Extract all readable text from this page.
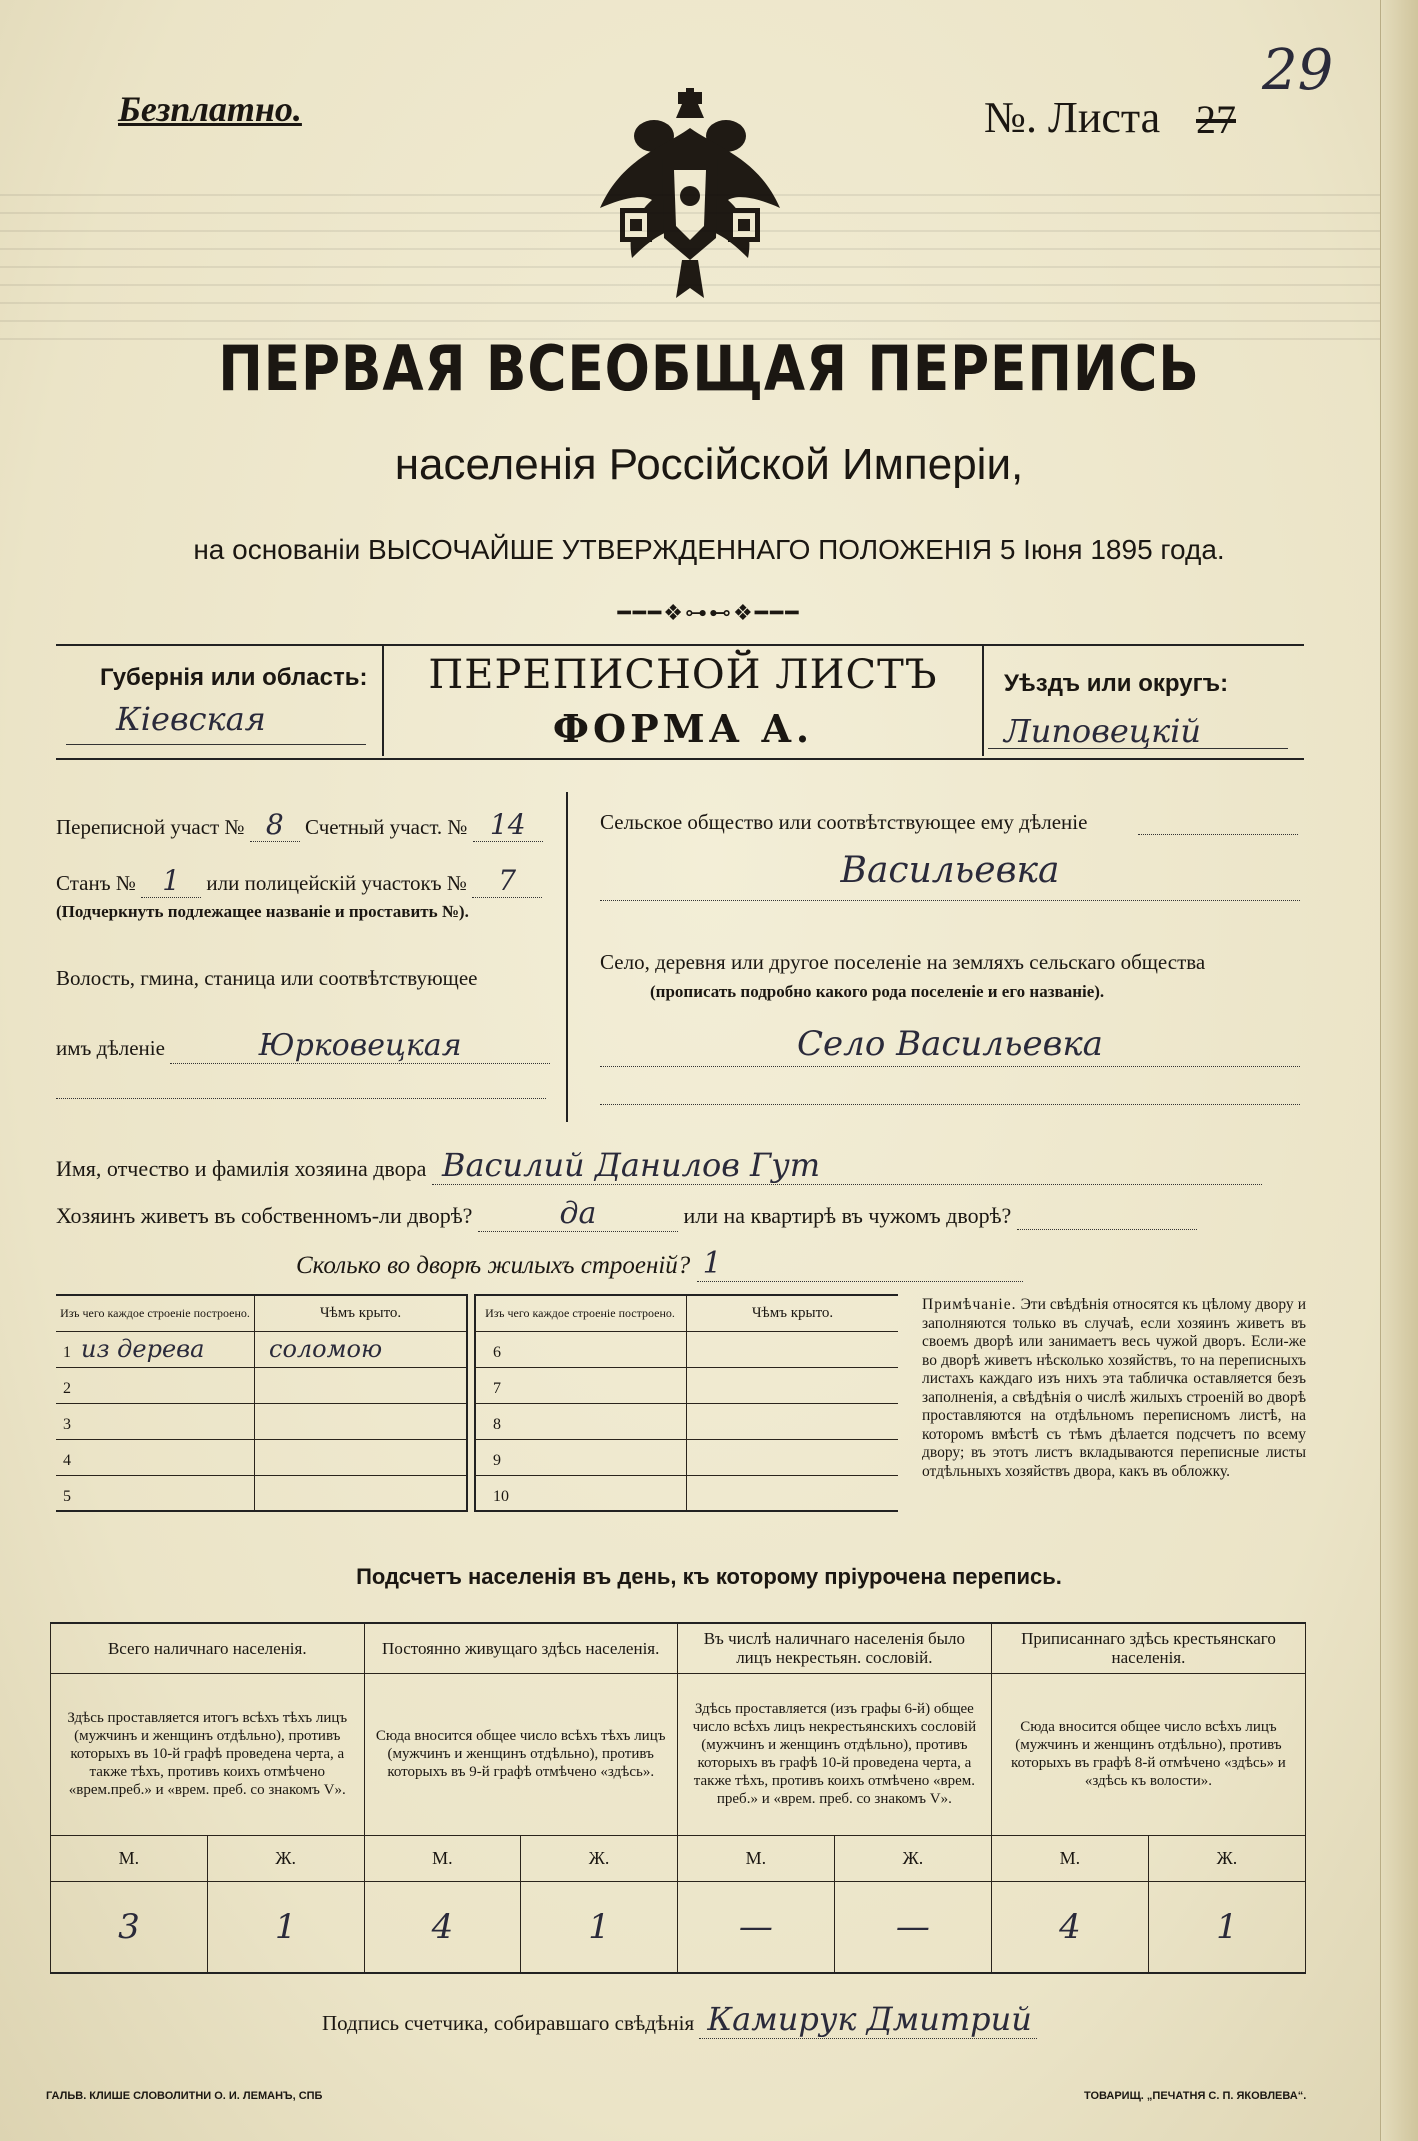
Безплатно.	№. Листа 27
29
ПЕРВАЯ ВСЕОБЩАЯ ПЕРЕПИСЬ
населенія Россійской Имперіи,
на основаніи ВЫСОЧАЙШЕ УТВЕРЖДЕННАГО ПОЛОЖЕНІЯ 5 Іюня 1895 года.
━━━❖⊶⊷❖━━━
Губернія или область:
Кіевская
ПЕРЕПИСНОЙ ЛИСТЪ
ФОРМА А.
Уѣздъ или округъ:
Липовецкій
Переписной участ № 8 Счетный участ. № 14
Станъ № 1 или полицейскій участокъ № 7
(Подчеркнуть подлежащее названіе и проставить №).
Волость, гмина, станица или соотвѣтствующее
имъ дѣленіе	Юрковецкая
Сельское общество или соотвѣтствующее ему дѣленіе
Васильевка
Село, деревня или другое поселеніе на земляхъ сельскаго общества
(прописать подробно какого рода поселеніе и его названіе).
Село Васильевка
Имя, отчество и фамилія хозяина двора Василий Данилов Гут
Хозяинъ живетъ въ собственномъ-ли дворѣ?	да	или на квартирѣ въ чужомъ дворѣ?
Сколько во дворѣ жилыхъ строеній? 1
Изъ чего каждое строеніе построено.	Чѣмъ крыто.
1 из дерева	соломою
2	
3	
4	
5	
Изъ чего каждое строеніе построено.	Чѣмъ крыто.
6	
7	
8	
9	
10	
Примѣчаніе. Эти свѣдѣнія относятся къ цѣлому двору и заполняются только въ случаѣ, если хозяинъ живетъ въ своемъ дворѣ или занимаетъ весь чужой дворъ. Если-же во дворѣ живетъ нѣсколько хозяйствъ, то на переписныхъ листахъ каждаго изъ нихъ эта табличка оставляется безъ заполненія, а свѣдѣнія о числѣ жилыхъ строеній во дворѣ проставляются на отдѣльномъ переписномъ листѣ, на которомъ вмѣстѣ съ тѣмъ дѣлается подсчетъ по всему двору; въ этотъ листъ вкладываются переписные листы отдѣльныхъ хозяйствъ двора, какъ въ обложку.
Подсчетъ населенія въ день, къ которому пріурочена перепись.
Всего наличнаго населенія.		Постоянно живущаго здѣсь населенія.		Въ числѣ наличнаго населенія было лицъ некрестьян. сословій.		Приписаннаго здѣсь крестьянскаго населенія.	
Здѣсь проставляется итогъ всѣхъ тѣхъ лицъ (мужчинъ и женщинъ отдѣльно), противъ которыхъ въ 10-й графѣ проведена черта, а также тѣхъ, противъ коихъ отмѣчено «врем.преб.» и «врем. преб. со знакомъ V».		Сюда вносится общее число всѣхъ тѣхъ лицъ (мужчинъ и женщинъ отдѣльно), противъ которыхъ въ 9-й графѣ отмѣчено «здѣсь».		Здѣсь проставляется (изъ графы 6-й) общее число всѣхъ лицъ некрестьянскихъ сословій (мужчинъ и женщинъ отдѣльно), противъ которыхъ въ графѣ 10-й проведена черта, а также тѣхъ, противъ коихъ отмѣчено «врем. преб.» и «врем. преб. со знакомъ V».		Сюда вносится общее число всѣхъ лицъ (мужчинъ и женщинъ отдѣльно), противъ которыхъ въ графѣ 8-й отмѣчено «здѣсь» и «здѣсь къ волости».	
М.	Ж.	М.	Ж.	М.	Ж.	М.	Ж.
3	1	4	1	—	—	4	1
Подпись счетчика, собиравшаго свѣдѣнія Камирук Дмитрий
ГАЛЬВ. КЛИШЕ СЛОВОЛИТНИ О. И. ЛЕМАНЪ, СПБ	ТОВАРИЩ. „ПЕЧАТНЯ С. П. ЯКОВЛЕВА“.
